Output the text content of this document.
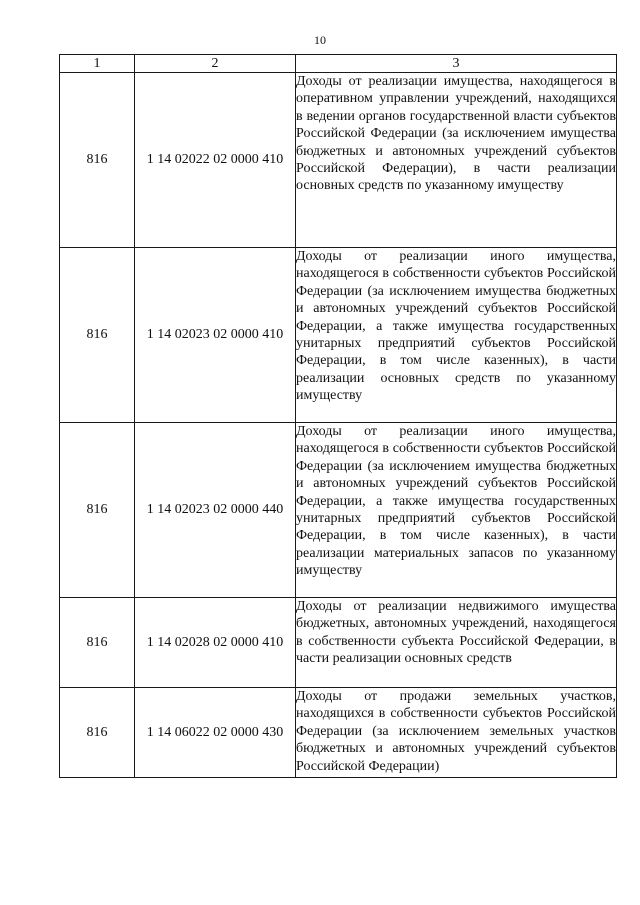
10
1	2	3
816	1 14 02022 02 0000 410	Доходы от реализации имущества, находящегося в оперативном управлении учреждений, находящихся в ведении органов государственной власти субъектов Российской Федерации (за исключением имущества бюджетных и автономных учреждений субъектов Российской Федерации), в части реализации основных средств по указанному имуществу
816	1 14 02023 02 0000 410	Доходы от реализации иного имущества, находящегося в собственности субъектов Российской Федерации (за исключением имущества бюджетных и автономных учреждений субъектов Российской Федерации, а также имущества государственных унитарных предприятий субъектов Российской Федерации, в том числе казенных), в части реализации основных средств по указанному имуществу
816	1 14 02023 02 0000 440	Доходы от реализации иного имущества, находящегося в собственности субъектов Российской Федерации (за исключением имущества бюджетных и автономных учреждений субъектов Российской Федерации, а также имущества государственных унитарных предприятий субъектов Российской Федерации, в том числе казенных), в части реализации материальных запасов по указанному имуществу
816	1 14 02028 02 0000 410	Доходы от реализации недвижимого имущества бюджетных, автономных учреждений, находящегося в собственности субъекта Российской Федерации, в части реализации основных средств
816	1 14 06022 02 0000 430	Доходы от продажи земельных участков, находящихся в собственности субъектов Российской Федерации (за исключением земельных участков бюджетных и автономных учреждений субъектов Российской Федерации)
